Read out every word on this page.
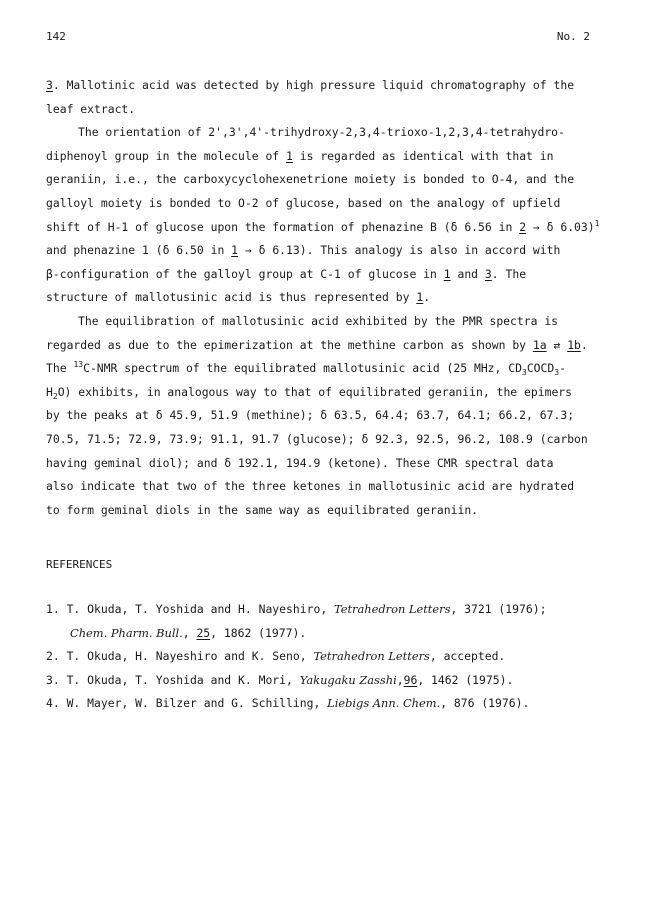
142	No. 2
3. Mallotinic acid was detected by high pressure liquid chromatography of the
leaf extract.
The orientation of 2',3',4'-trihydroxy-2,3,4-trioxo-1,2,3,4-tetrahydro-
diphenoyl group in the molecule of 1 is regarded as identical with that in
geraniin, i.e., the carboxycyclohexenetrione moiety is bonded to O-4, and the
galloyl moiety is bonded to O-2 of glucose, based on the analogy of upfield
shift of H-1 of glucose upon the formation of phenazine B (δ 6.56 in 2 → δ 6.03)$^1$
and phenazine 1 (δ 6.50 in 1 → δ 6.13). This analogy is also in accord with
β-configuration of the galloyl group at C-1 of glucose in 1 and 3. The
structure of mallotusinic acid is thus represented by 1.
The equilibration of mallotusinic acid exhibited by the PMR spectra is
regarded as due to the epimerization at the methine carbon as shown by 1a ⇄ 1b.
The $^{13}$C-NMR spectrum of the equilibrated mallotusinic acid (25 MHz, $CD_3COCD_3-$
$H_2O$) exhibits, in analogous way to that of equilibrated geraniin, the epimers
by the peaks at δ 45.9, 51.9 (methine); δ 63.5, 64.4; 63.7, 64.1; 66.2, 67.3;
70.5, 71.5; 72.9, 73.9; 91.1, 91.7 (glucose); δ 92.3, 92.5, 96.2, 108.9 (carbon
having geminal diol); and δ 192.1, 194.9 (ketone). These CMR spectral data
also indicate that two of the three ketones in mallotusinic acid are hydrated
to form geminal diols in the same way as equilibrated geraniin.
REFERENCES
1. T. Okuda, T. Yoshida and H. Nayeshiro, Tetrahedron Letters, 3721 (1976);
Chem. Pharm. Bull., 25, 1862 (1977).
2. T. Okuda, H. Nayeshiro and K. Seno, Tetrahedron Letters, accepted.
3. T. Okuda, T. Yoshida and K. Mori, Yakugaku Zasshi,96, 1462 (1975).
4. W. Mayer, W. Bilzer and G. Schilling, Liebigs Ann. Chem., 876 (1976).
